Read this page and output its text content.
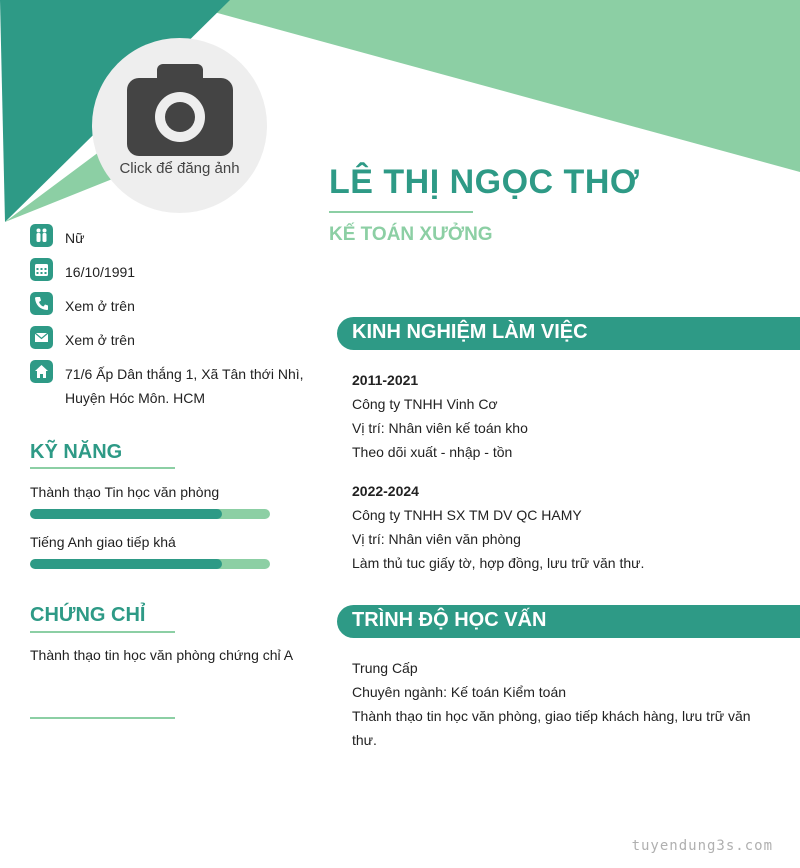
Click để đăng ảnh	LÊ THỊ NGỌC THƠ
KẾ TOÁN XƯỞNG
Nữ
16/10/1991
Xem ở trên
Xem ở trên
71/6 Ấp Dân thắng 1, Xã Tân thới Nhì, Huyện Hóc Môn. HCM
KỸ NĂNG
Thành thạo Tin học văn phòng
Tiếng Anh giao tiếp khá
CHỨNG CHỈ
Thành thạo tin học văn phòng chứng chỉ A
KINH NGHIỆM LÀM VIỆC
2011-2021
Công ty TNHH Vinh Cơ
Vị trí: Nhân viên kế toán kho
Theo dõi xuất - nhập - tồn
2022-2024
Công ty TNHH SX TM DV QC HAMY
Vị trí: Nhân viên văn phòng
Làm thủ tuc giấy tờ, hợp đồng, lưu trữ văn thư.
TRÌNH ĐỘ HỌC VẤN
Trung Cấp
Chuyên ngành: Kế toán Kiểm toán
Thành thạo tin học văn phòng, giao tiếp khách hàng, lưu trữ văn thư.
tuyendung3s.com
